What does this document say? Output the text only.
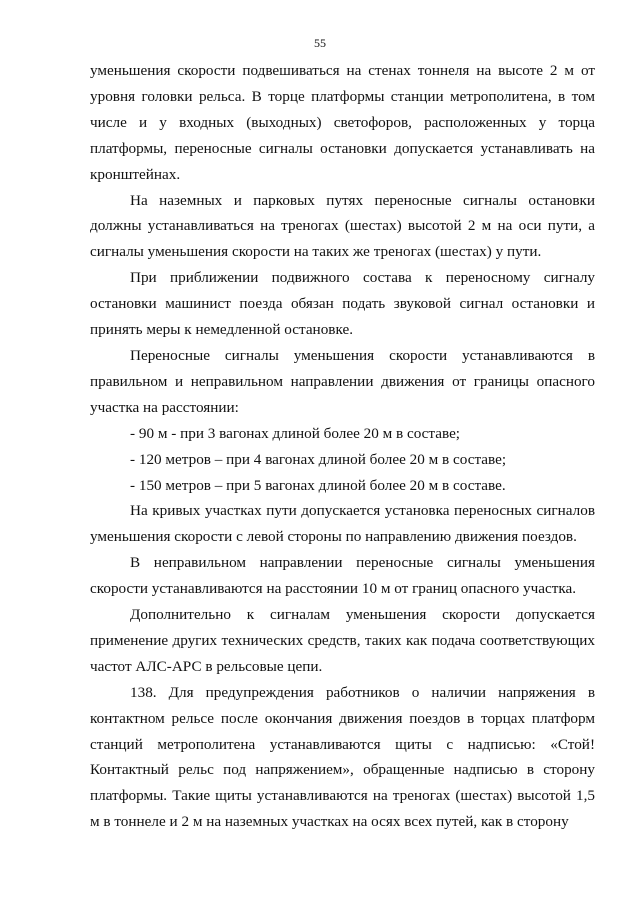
55

уменьшения скорости подвешиваться на стенах тоннеля на высоте 2 м от уровня головки рельса. В торце платформы станции метрополитена, в том числе и у входных (выходных) светофоров, расположенных у торца платформы, переносные сигналы остановки допускается устанавливать на кронштейнах.

На наземных и парковых путях переносные сигналы остановки должны устанавливаться на треногах (шестах) высотой 2 м на оси пути, а сигналы уменьшения скорости на таких же треногах (шестах) у пути.

При приближении подвижного состава к переносному сигналу остановки машинист поезда обязан подать звуковой сигнал остановки и принять меры к немедленной остановке.

Переносные сигналы уменьшения скорости устанавливаются в правильном и неправильном направлении движения от границы опасного участка на расстоянии:

- 90 м - при 3 вагонах длиной более 20 м в составе;

- 120 метров – при 4 вагонах длиной более 20 м в составе;

- 150 метров – при 5 вагонах длиной более 20 м в составе.

На кривых участках пути допускается установка переносных сигналов уменьшения скорости с левой стороны по направлению движения поездов.

В неправильном направлении переносные сигналы уменьшения скорости устанавливаются на расстоянии 10 м от границ опасного участка.

Дополнительно к сигналам уменьшения скорости допускается применение других технических средств, таких как подача соответствующих частот АЛС-АРС в рельсовые цепи.

138. Для предупреждения работников о наличии напряжения в контактном рельсе после окончания движения поездов в торцах платформ станций метрополитена устанавливаются щиты с надписью: «Стой! Контактный рельс под напряжением», обращенные надписью в сторону платформы. Такие щиты устанавливаются на треногах (шестах) высотой 1,5 м в тоннеле и 2 м на наземных участках на осях всех путей, как в сторону
